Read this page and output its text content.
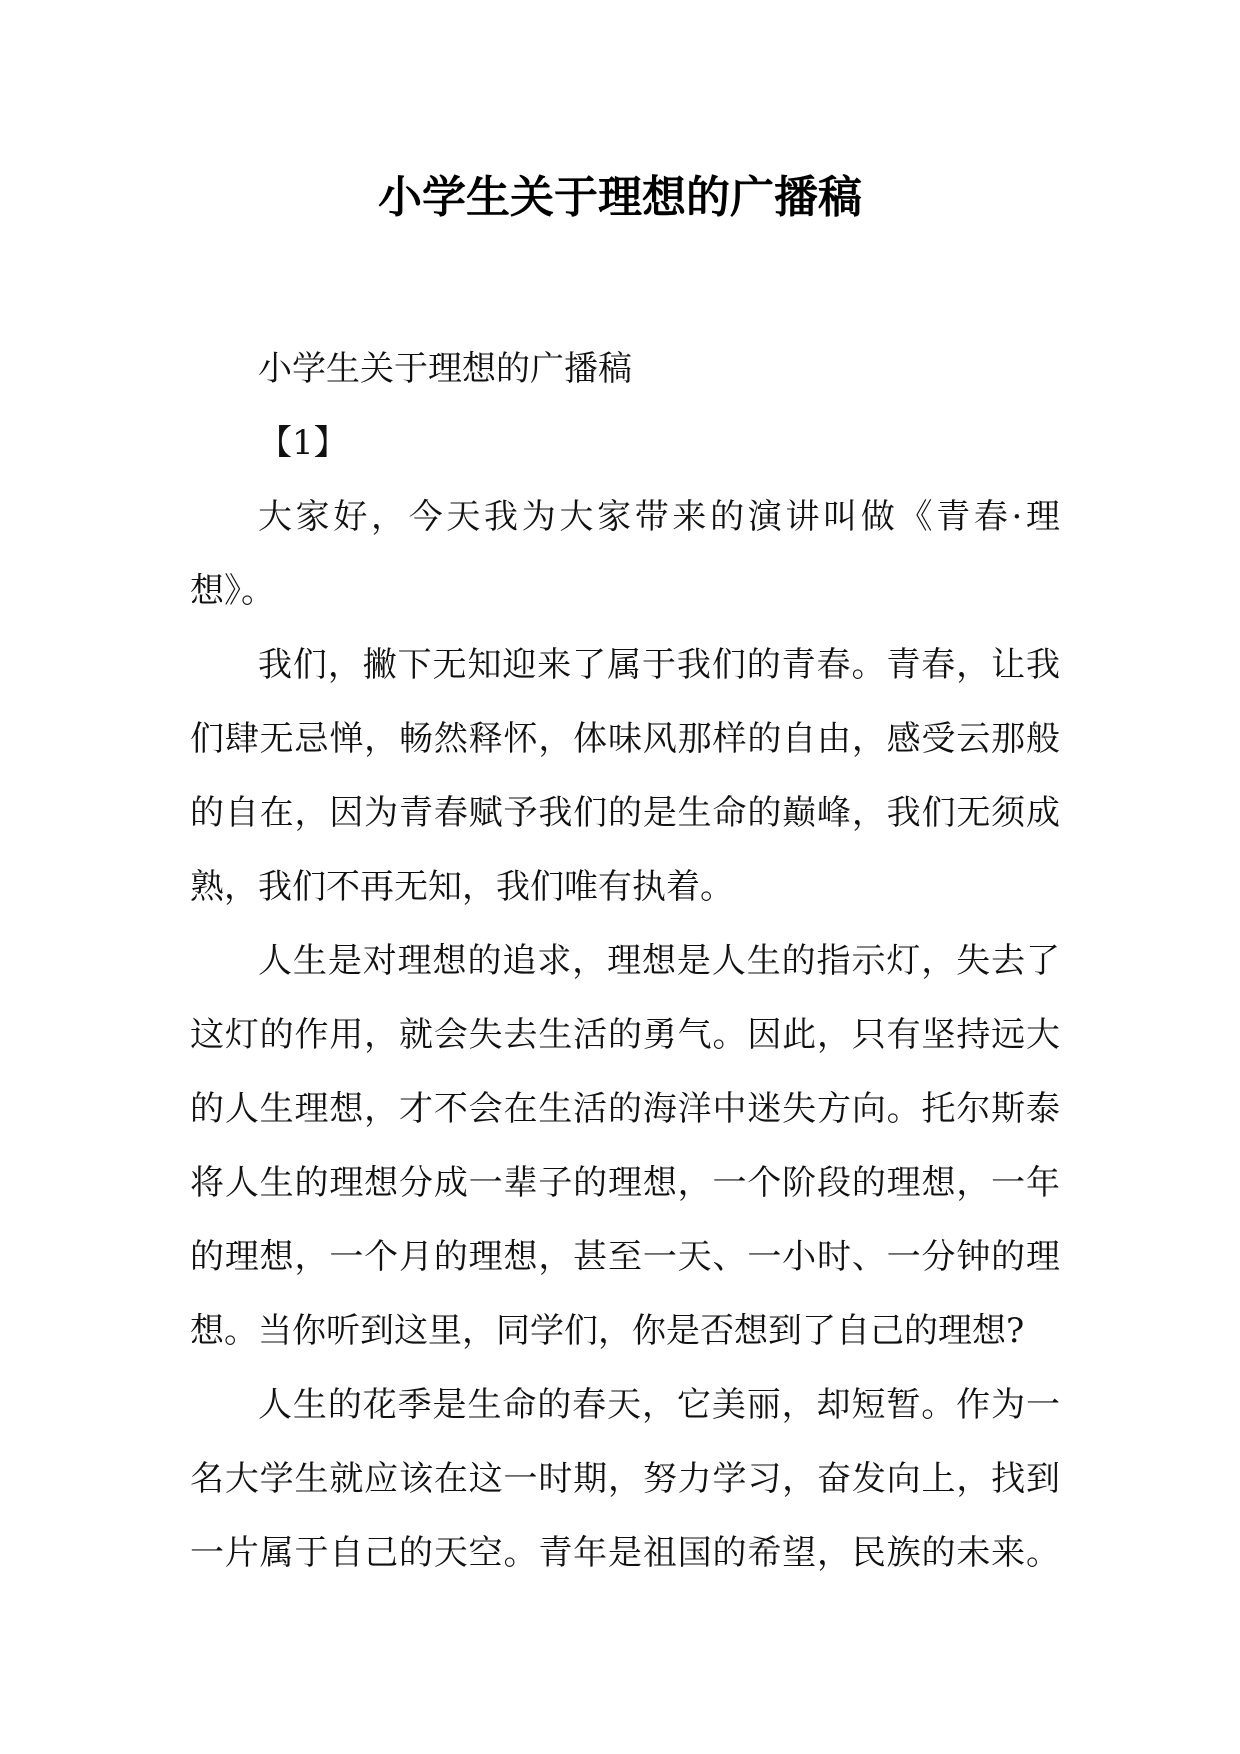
小学生关于理想的广播稿
小学生关于理想的广播稿
【1】
大家好，今天我为大家带来的演讲叫做《青春·理
想》。
我们，撇下无知迎来了属于我们的青春。青春，让我
们肆无忌惮，畅然释怀，体味风那样的自由，感受云那般
的自在，因为青春赋予我们的是生命的巅峰，我们无须成
熟，我们不再无知，我们唯有执着。
人生是对理想的追求，理想是人生的指示灯，失去了
这灯的作用，就会失去生活的勇气。因此，只有坚持远大
的人生理想，才不会在生活的海洋中迷失方向。托尔斯泰
将人生的理想分成一辈子的理想，一个阶段的理想，一年
的理想，一个月的理想，甚至一天、一小时、一分钟的理
想。当你听到这里，同学们，你是否想到了自己的理想?
人生的花季是生命的春天，它美丽，却短暂。作为一
名大学生就应该在这一时期，努力学习，奋发向上，找到
一片属于自己的天空。青年是祖国的希望，民族的未来。
